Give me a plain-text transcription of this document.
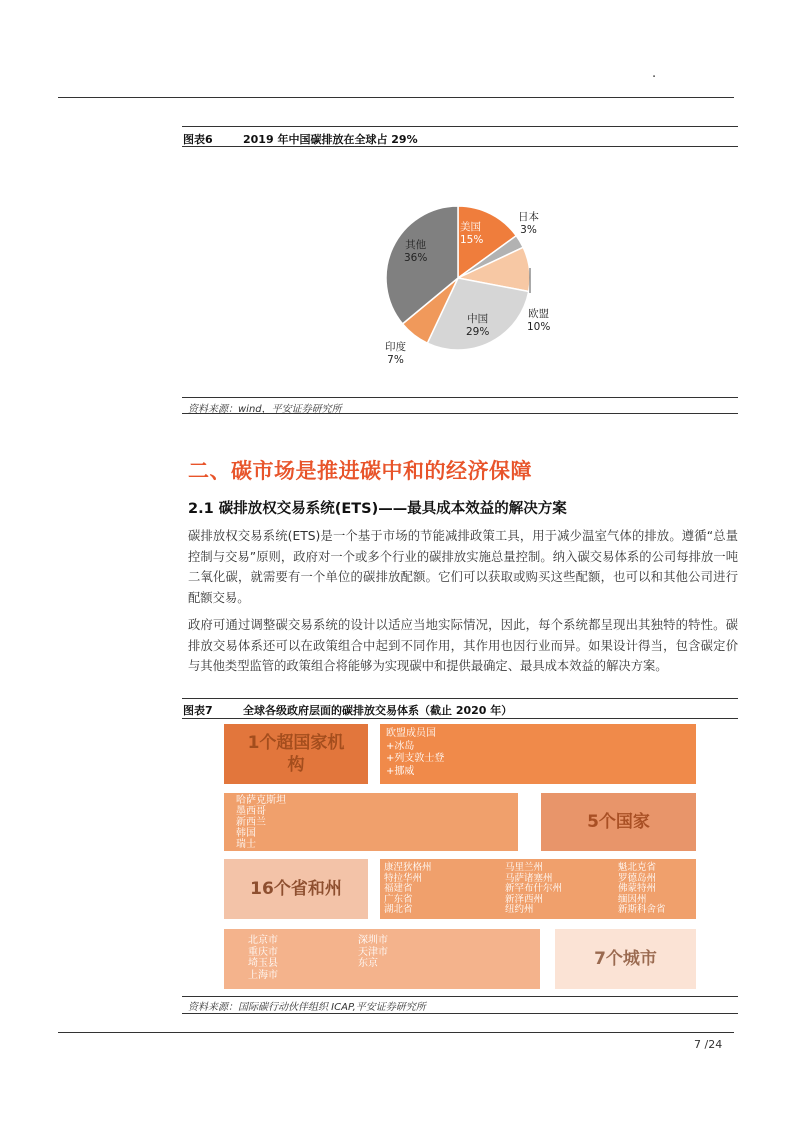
.
图表6	2019 年中国碳排放在全球占 29%
美国
15%
日本
3%
欧盟
10%
中国
29%
印度
7%
其他
36%
资料来源：wind，平安证券研究所
二、碳市场是推进碳中和的经济保障
2.1 碳排放权交易系统(ETS)——最具成本效益的解决方案
碳排放权交易系统(ETS)是一个基于市场的节能减排政策工具，用于减少温室气体的排放。遵循“总量控制与交易”原则，政府对一个或多个行业的碳排放实施总量控制。纳入碳交易体系的公司每排放一吨二氧化碳，就需要有一个单位的碳排放配额。它们可以获取或购买这些配额，也可以和其他公司进行配额交易。
政府可通过调整碳交易系统的设计以适应当地实际情况，因此，每个系统都呈现出其独特的特性。碳排放交易体系还可以在政策组合中起到不同作用，其作用也因行业而异。如果设计得当，包含碳定价与其他类型监管的政策组合将能够为实现碳中和提供最确定、最具成本效益的解决方案。
图表7	全球各级政府层面的碳排放交易体系（截止 2020 年）
1个超国家机构
欧盟成员国
+冰岛
+列支敦士登
+挪威
哈萨克斯坦
墨西哥
新西兰
韩国
瑞士
5个国家
16个省和州
康涅狄格州
特拉华州
福建省
广东省
湖北省
马里兰州
马萨诸塞州
新罕布什尔州
新泽西州
纽约州
魁北克省
罗德岛州
佛蒙特州
缅因州
新斯科舍省
北京市
重庆市
埼玉县
上海市
深圳市
天津市
东京	7个城市
资料来源：国际碳行动伙伴组织 ICAP,平安证券研究所
7 /24
